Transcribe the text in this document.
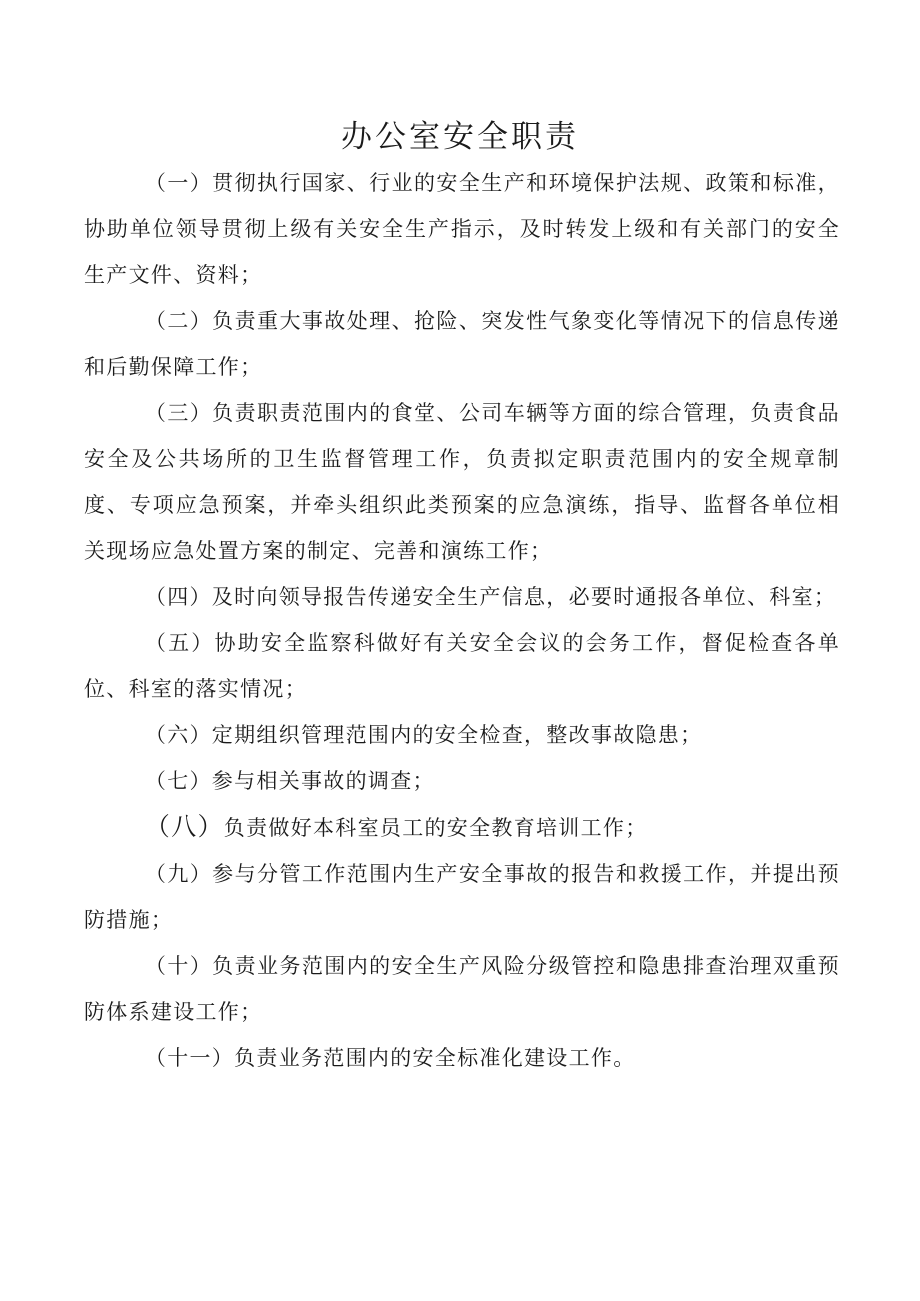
办公室安全职责

（一）贯彻执行国家、行业的安全生产和环境保护法规、政策和标准，协助单位领导贯彻上级有关安全生产指示，及时转发上级和有关部门的安全生产文件、资料；

（二）负责重大事故处理、抢险、突发性气象变化等情况下的信息传递和后勤保障工作；

（三）负责职责范围内的食堂、公司车辆等方面的综合管理，负责食品安全及公共场所的卫生监督管理工作，负责拟定职责范围内的安全规章制度、专项应急预案，并牵头组织此类预案的应急演练，指导、监督各单位相关现场应急处置方案的制定、完善和演练工作；

（四）及时向领导报告传递安全生产信息，必要时通报各单位、科室；

（五）协助安全监察科做好有关安全会议的会务工作，督促检查各单位、科室的落实情况；

（六）定期组织管理范围内的安全检查，整改事故隐患；

（七）参与相关事故的调查；

（八）负责做好本科室员工的安全教育培训工作；

（九）参与分管工作范围内生产安全事故的报告和救援工作，并提出预防措施；

（十）负责业务范围内的安全生产风险分级管控和隐患排查治理双重预防体系建设工作；

（十一）负责业务范围内的安全标准化建设工作。
